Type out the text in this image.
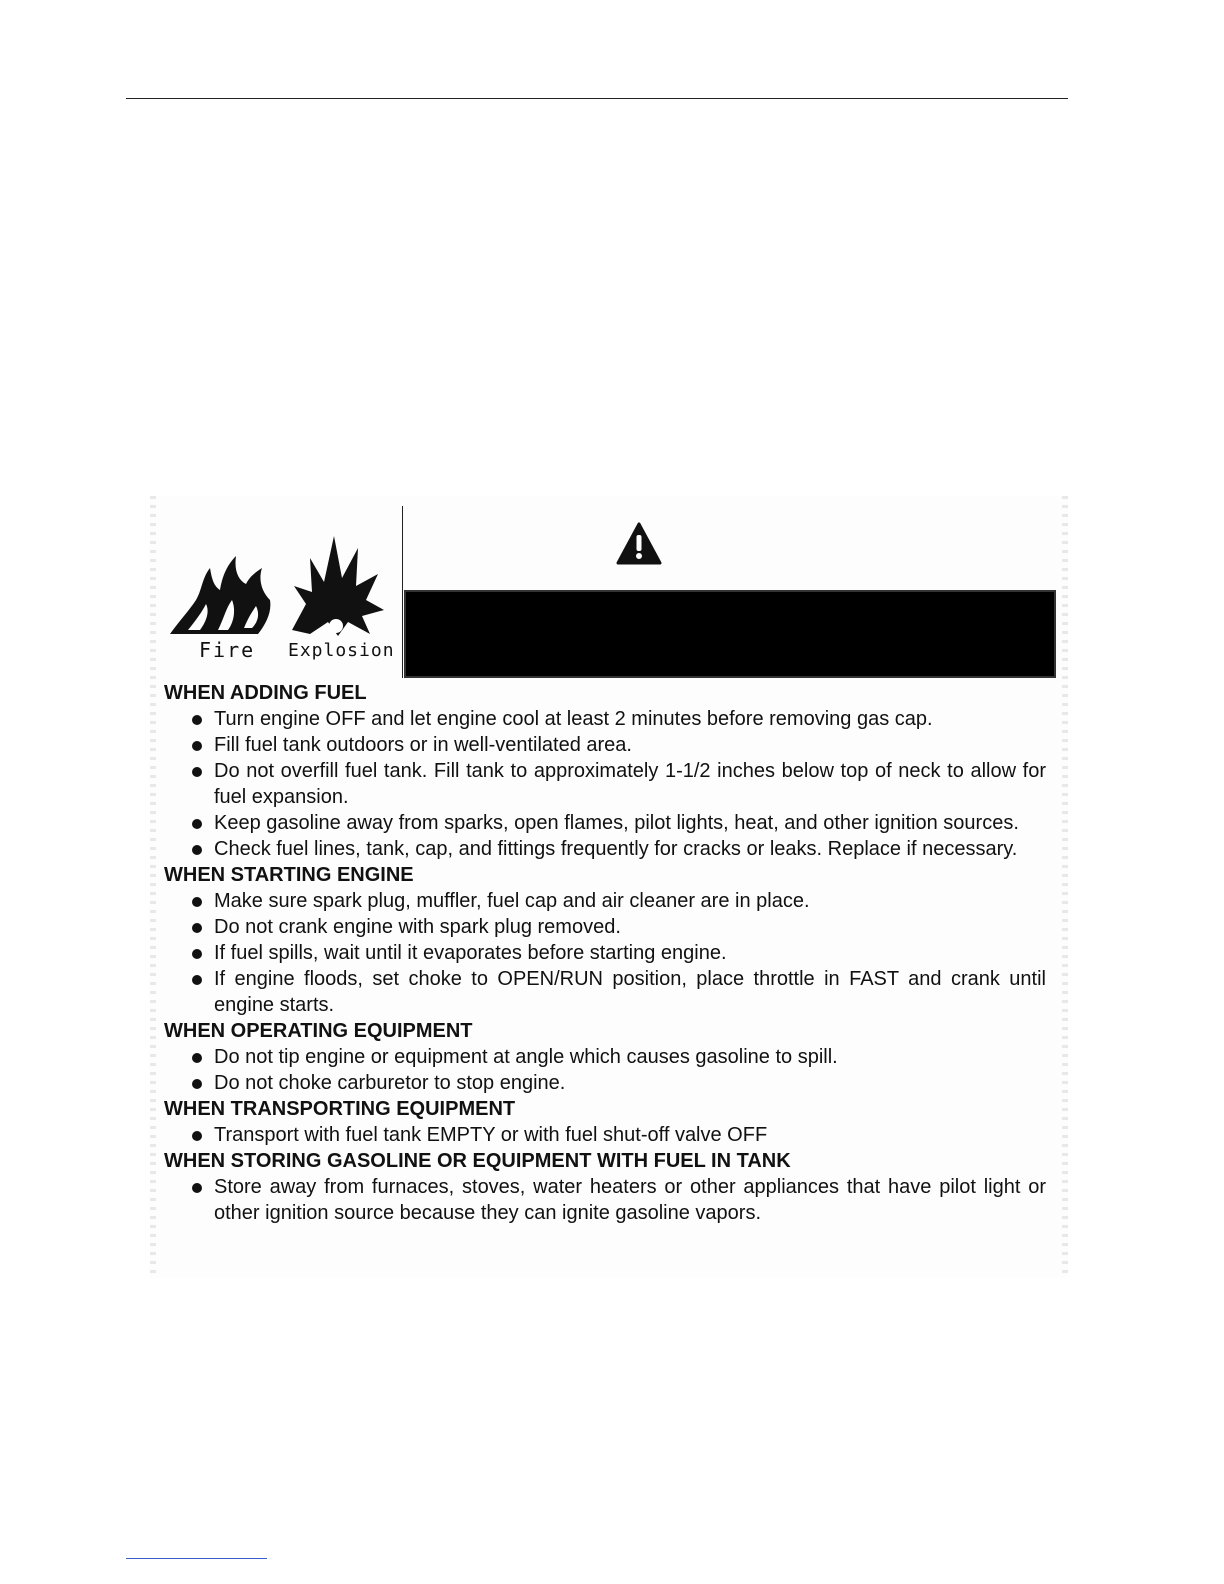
Fire Explosion
WHEN ADDING FUEL
Turn engine OFF and let engine cool at least 2 minutes before removing gas cap.
Fill fuel tank outdoors or in well-ventilated area.
Do not overfill fuel tank. Fill tank to approximately 1-1/2 inches below top of neck to allow for fuel expansion.
Keep gasoline away from sparks, open flames, pilot lights, heat, and other ignition sources.
Check fuel lines, tank, cap, and fittings frequently for cracks or leaks. Replace if necessary.
WHEN STARTING ENGINE
Make sure spark plug, muffler, fuel cap and air cleaner are in place.
Do not crank engine with spark plug removed.
If fuel spills, wait until it evaporates before starting engine.
If engine floods, set choke to OPEN/RUN position, place throttle in FAST and crank until engine starts.
WHEN OPERATING EQUIPMENT
Do not tip engine or equipment at angle which causes gasoline to spill.
Do not choke carburetor to stop engine.
WHEN TRANSPORTING EQUIPMENT
Transport with fuel tank EMPTY or with fuel shut-off valve OFF
WHEN STORING GASOLINE OR EQUIPMENT WITH FUEL IN TANK
Store away from furnaces, stoves, water heaters or other appliances that have pilot light or other ignition source because they can ignite gasoline vapors.
